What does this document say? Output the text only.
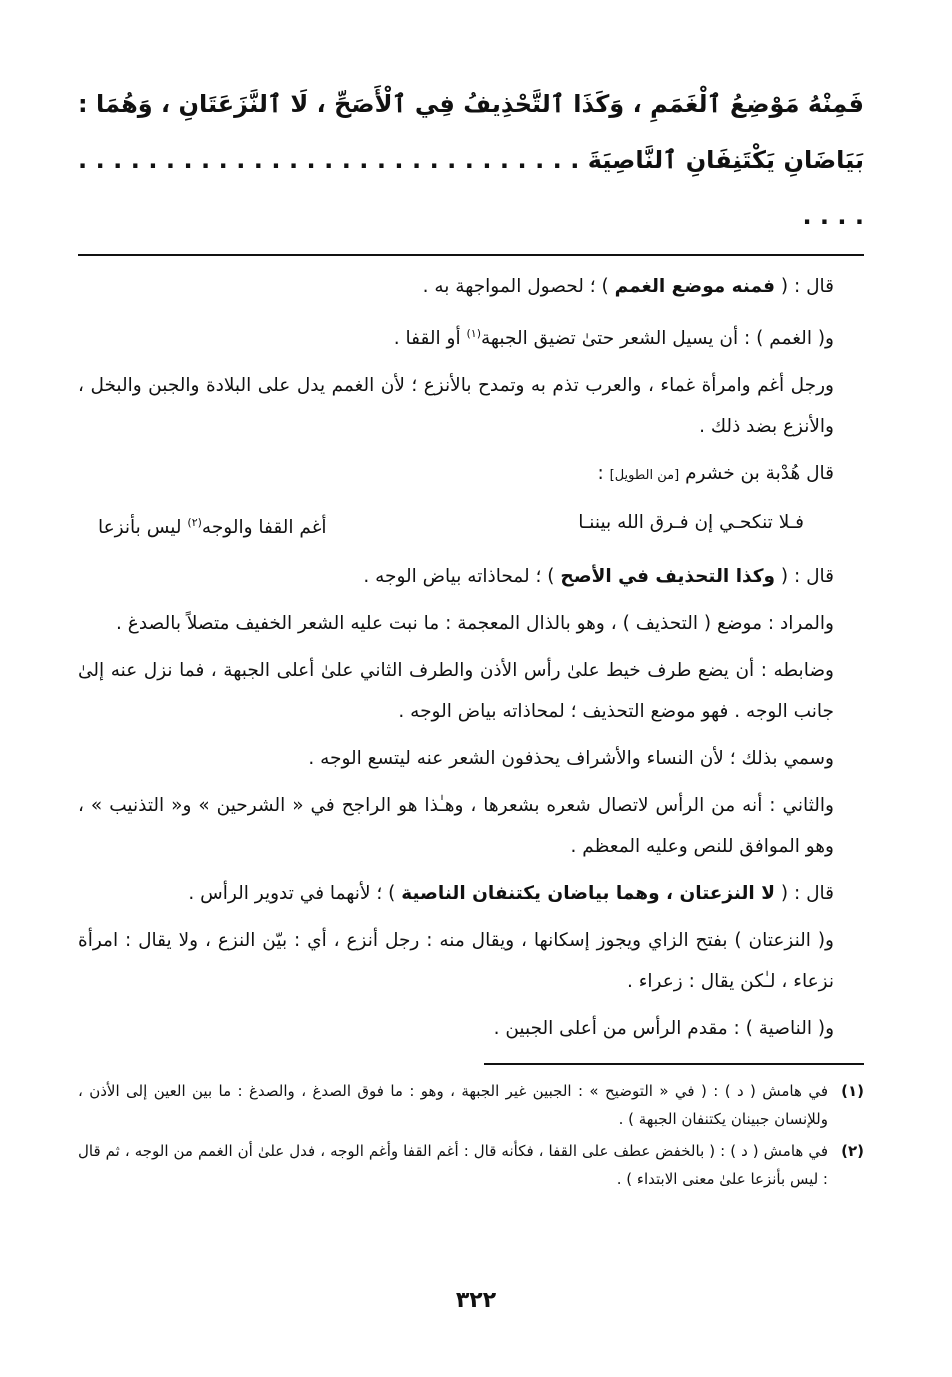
فَمِنْهُ مَوْضِعُ ٱلْغَمَمِ ، وَكَذَا ٱلتَّحْذِيفُ فِي ٱلْأَصَحِّ ، لَا ٱلنَّزَعَتَانِ ، وَهُمَا : بَيَاضَانِ يَكْتَنِفَانِ ٱلنَّاصِيَةَ . . . . . . . . . . . . . . . . . . . . . . . . . . . . . . . . .

قال : ( فمنه موضع الغمم ) ؛ لحصول المواجهة به .

و( الغمم ) : أن يسيل الشعر حتىٰ تضيق الجبهة$^{(١)}$ أو القفا .

ورجل أغم وامرأة غماء ، والعرب تذم به وتمدح بالأنزع ؛ لأن الغمم يدل على البلادة والجبن والبخل ، والأنزع بضد ذلك .

قال هُدْبة بن خشرم [من الطويل] :

فـلا تنكحـي إن فـرق الله بيننـا
أغم القفا والوجه$^{(٢)}$ ليس بأنزعا

قال : ( وكذا التحذيف في الأصح ) ؛ لمحاذاته بياض الوجه .

والمراد : موضع ( التحذيف ) ، وهو بالذال المعجمة : ما نبت عليه الشعر الخفيف متصلاً بالصدغ .

وضابطه : أن يضع طرف خيط علىٰ رأس الأذن والطرف الثاني علىٰ أعلى الجبهة ، فما نزل عنه إلىٰ جانب الوجه . فهو موضع التحذيف ؛ لمحاذاته بياض الوجه .

وسمي بذلك ؛ لأن النساء والأشراف يحذفون الشعر عنه ليتسع الوجه .

والثاني : أنه من الرأس لاتصال شعره بشعرها ، وهـٰذا هو الراجح في « الشرحين » و« التذنيب » ، وهو الموافق للنص وعليه المعظم .

قال : ( لا النزعتان ، وهما بياضان يكتنفان الناصية ) ؛ لأنهما في تدوير الرأس .

و( النزعتان ) بفتح الزاي ويجوز إسكانها ، ويقال منه : رجل أنزع ، أي : بيّن النزع ، ولا يقال : امرأة نزعاء ، لـٰكن يقال : زعراء .

و( الناصية ) : مقدم الرأس من أعلى الجبين .

(١)
في هامش ( د ) : ( في « التوضيح » : الجبين غير الجبهة ، وهو : ما فوق الصدغ ، والصدغ : ما بين العين إلى الأذن ، وللإنسان جبينان يكتنفان الجبهة ) .
(٢)
في هامش ( د ) : ( بالخفض عطف على القفا ، فكأنه قال : أغم القفا وأغم الوجه ، فدل علىٰ أن الغمم من الوجه ، ثم قال : ليس بأنزعا علىٰ معنى الابتداء ) .
٣٢٢
